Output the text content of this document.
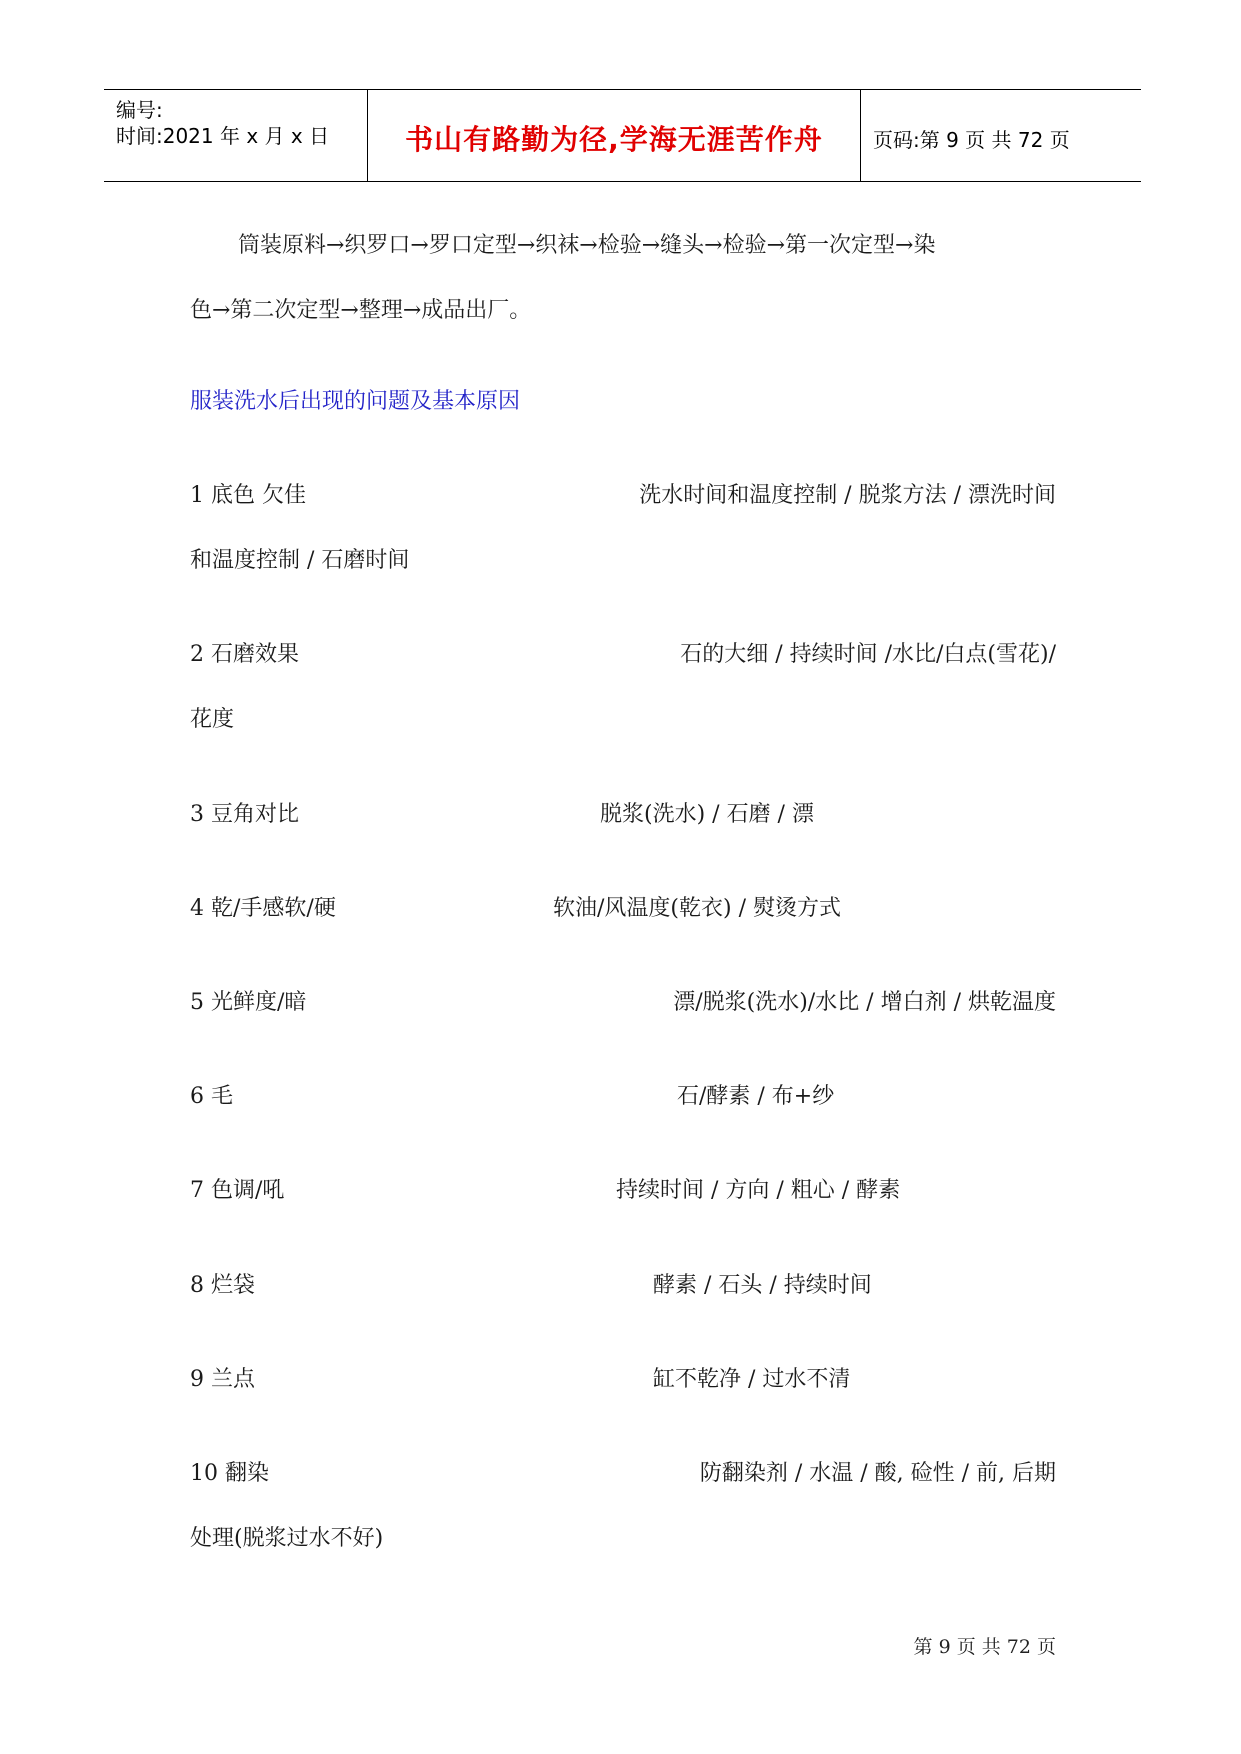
编号:
时间:2021 年 x 月 x 日	书山有路勤为径,学海无涯苦作舟	页码:第 9 页 共 72 页
筒装原料→织罗口→罗口定型→织袜→检验→缝头→检验→第一次定型→染
色→第二次定型→整理→成品出厂。
服装洗水后出现的问题及基本原因
1 底色 欠佳	洗水时间和温度控制 / 脱浆方法 / 漂洗时间
和温度控制 / 石磨时间
2 石磨效果	石的大细 / 持续时间 /水比/白点(雪花)/
花度
3 豆角对比	脱浆(洗水) / 石磨 / 漂
4 乾/手感软/硬	软油/风温度(乾衣) / 熨烫方式
5 光鲜度/暗	漂/脱浆(洗水)/水比 / 增白剂 / 烘乾温度
6 毛	石/酵素 / 布+纱
7 色调/吼	持续时间 / 方向 / 粗心 / 酵素
8 烂袋	酵素 / 石头 / 持续时间
9 兰点	缸不乾净 / 过水不清
10 翻染	防翻染剂 / 水温 / 酸, 硷性 / 前, 后期
处理(脱浆过水不好)
第 9 页 共 72 页
